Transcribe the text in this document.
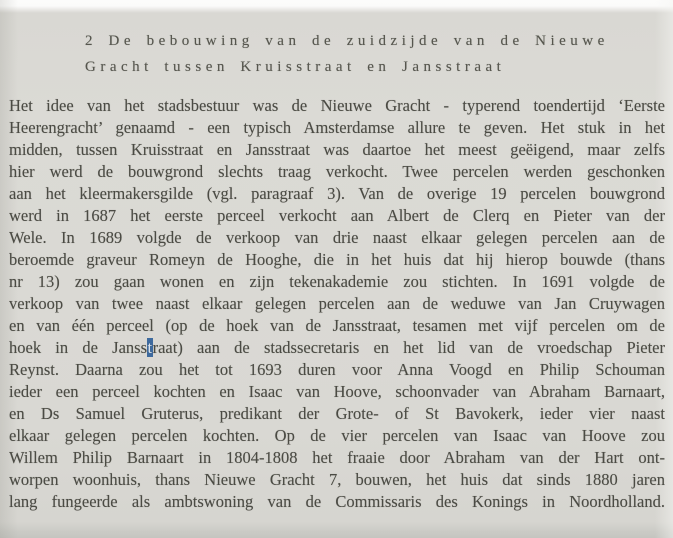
2 De bebouwing van de zuidzijde van de Nieuwe
Gracht tussen Kruisstraat en Jansstraat
Het idee van het stadsbestuur was de Nieuwe Gracht - typerend toendertijd ‘Eerste
Heerengracht’ genaamd - een typisch Amsterdamse allure te geven. Het stuk in het
midden, tussen Kruisstraat en Jansstraat was daartoe het meest geëigend, maar zelfs
hier werd de bouwgrond slechts traag verkocht. Twee percelen werden geschonken
aan het kleermakersgilde (vgl. paragraaf 3). Van de overige 19 percelen bouwgrond
werd in 1687 het eerste perceel verkocht aan Albert de Clerq en Pieter van der
Wele. In 1689 volgde de verkoop van drie naast elkaar gelegen percelen aan de
beroemde graveur Romeyn de Hooghe, die in het huis dat hij hierop bouwde (thans
nr 13) zou gaan wonen en zijn tekenakademie zou stichten. In 1691 volgde de
verkoop van twee naast elkaar gelegen percelen aan de weduwe van Jan Cruywagen
en van één perceel (op de hoek van de Jansstraat, tesamen met vijf percelen om de
hoek in de Jansstraat) aan de stadssecretaris en het lid van de vroedschap Pieter
Reynst. Daarna zou het tot 1693 duren voor Anna Voogd en Philip Schouman
ieder een perceel kochten en Isaac van Hoove, schoonvader van Abraham Barnaart,
en Ds Samuel Gruterus, predikant der Grote- of St Bavokerk, ieder vier naast
elkaar gelegen percelen kochten. Op de vier percelen van Isaac van Hoove zou
Willem Philip Barnaart in 1804-1808 het fraaie door Abraham van der Hart ont-
worpen woonhuis, thans Nieuwe Gracht 7, bouwen, het huis dat sinds 1880 jaren
lang fungeerde als ambtswoning van de Commissaris des Konings in Noordholland.
